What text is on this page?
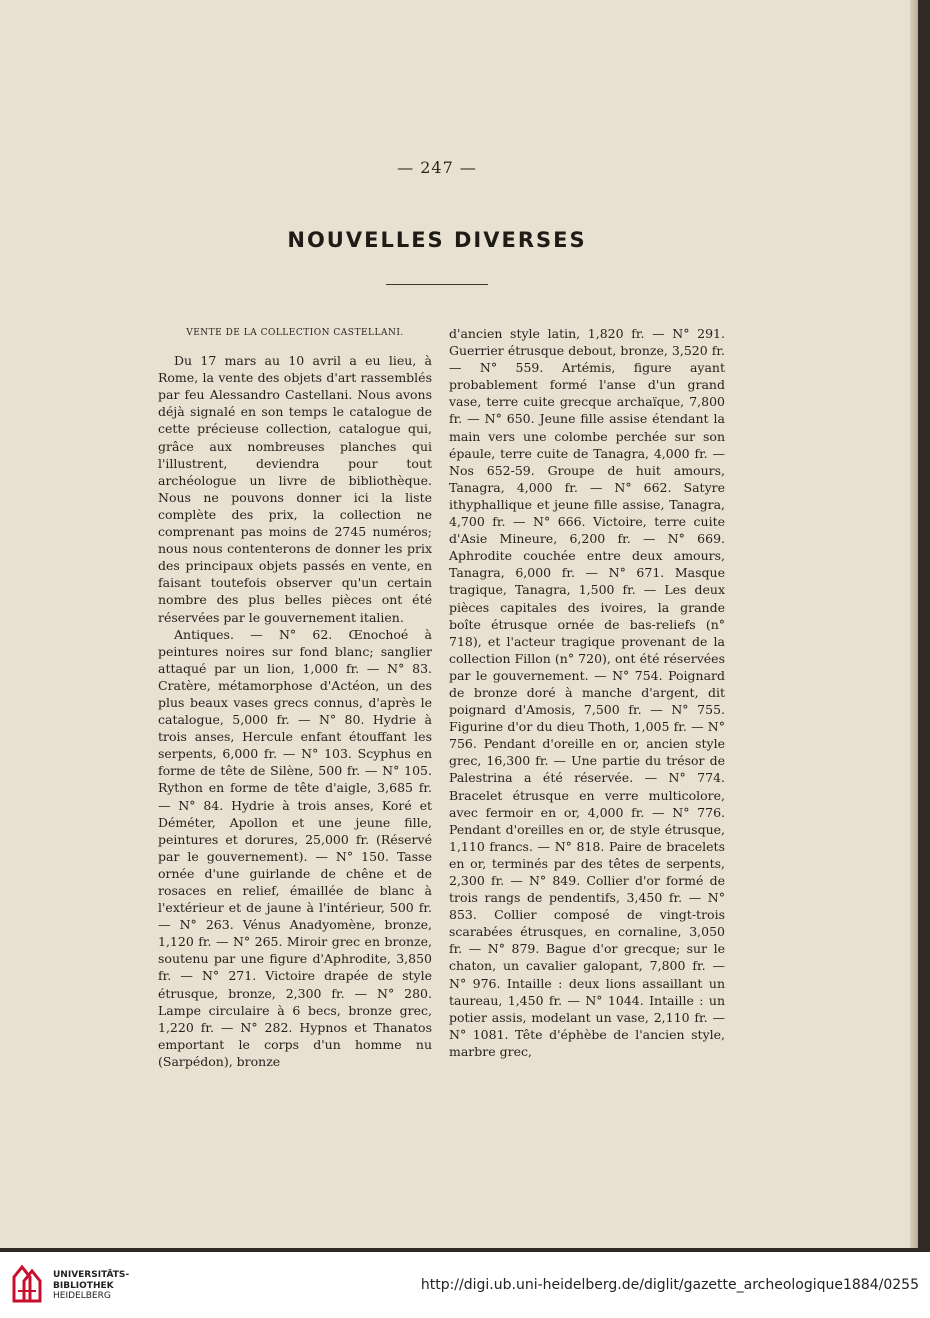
— 247 —
NOUVELLES DIVERSES
VENTE DE LA COLLECTION CASTELLANI.

Du 17 mars au 10 avril a eu lieu, à Rome, la vente des objets d'art rassemblés par feu Alessandro Castellani. Nous avons déjà signalé en son temps le catalogue de cette précieuse collection, catalogue qui, grâce aux nombreuses planches qui l'illustrent, deviendra pour tout archéologue un livre de bibliothèque. Nous ne pouvons donner ici la liste complète des prix, la collection ne comprenant pas moins de 2745 numéros; nous nous contenterons de donner les prix des principaux objets passés en vente, en faisant toutefois observer qu'un certain nombre des plus belles pièces ont été réservées par le gouvernement italien.

Antiques. — N° 62. Œnochoé à peintures noires sur fond blanc; sanglier attaqué par un lion, 1,000 fr. — N° 83. Cratère, métamorphose d'Actéon, un des plus beaux vases grecs connus, d'après le catalogue, 5,000 fr. — N° 80. Hydrie à trois anses, Hercule enfant étouffant les serpents, 6,000 fr. — N° 103. Scyphus en forme de tête de Silène, 500 fr. — N° 105. Rython en forme de tête d'aigle, 3,685 fr. — N° 84. Hydrie à trois anses, Koré et Déméter, Apollon et une jeune fille, peintures et dorures, 25,000 fr. (Réservé par le gouvernement). — N° 150. Tasse ornée d'une guirlande de chêne et de rosaces en relief, émaillée de blanc à l'extérieur et de jaune à l'intérieur, 500 fr. — N° 263. Vénus Anadyomène, bronze, 1,120 fr. — N° 265. Miroir grec en bronze, soutenu par une figure d'Aphrodite, 3,850 fr. — N° 271. Victoire drapée de style étrusque, bronze, 2,300 fr. — N° 280. Lampe circulaire à 6 becs, bronze grec, 1,220 fr. — N° 282. Hypnos et Thanatos emportant le corps d'un homme nu (Sarpédon), bronze

d'ancien style latin, 1,820 fr. — N° 291. Guerrier étrusque debout, bronze, 3,520 fr. — N° 559. Artémis, figure ayant probablement formé l'anse d'un grand vase, terre cuite grecque archaïque, 7,800 fr. — N° 650. Jeune fille assise étendant la main vers une colombe perchée sur son épaule, terre cuite de Tanagra, 4,000 fr. — Nos 652-59. Groupe de huit amours, Tanagra, 4,000 fr. — N° 662. Satyre ithyphallique et jeune fille assise, Tanagra, 4,700 fr. — N° 666. Victoire, terre cuite d'Asie Mineure, 6,200 fr. — N° 669. Aphrodite couchée entre deux amours, Tanagra, 6,000 fr. — N° 671. Masque tragique, Tanagra, 1,500 fr. — Les deux pièces capitales des ivoires, la grande boîte étrusque ornée de bas-reliefs (n° 718), et l'acteur tragique provenant de la collection Fillon (n° 720), ont été réservées par le gouvernement. — N° 754. Poignard de bronze doré à manche d'argent, dit poignard d'Amosis, 7,500 fr. — N° 755. Figurine d'or du dieu Thoth, 1,005 fr. — N° 756. Pendant d'oreille en or, ancien style grec, 16,300 fr. — Une partie du trésor de Palestrina a été réservée. — N° 774. Bracelet étrusque en verre multicolore, avec fermoir en or, 4,000 fr. — N° 776. Pendant d'oreilles en or, de style étrusque, 1,110 francs. — N° 818. Paire de bracelets en or, terminés par des têtes de serpents, 2,300 fr. — N° 849. Collier d'or formé de trois rangs de pendentifs, 3,450 fr. — N° 853. Collier composé de vingt-trois scarabées étrusques, en cornaline, 3,050 fr. — N° 879. Bague d'or grecque; sur le chaton, un cavalier galopant, 7,800 fr. — N° 976. Intaille : deux lions assaillant un taureau, 1,450 fr. — N° 1044. Intaille : un potier assis, modelant un vase, 2,110 fr. — N° 1081. Tête d'éphèbe de l'ancien style, marbre grec,

UNIVERSITÄTS-
BIBLIOTHEK
HEIDELBERG
http://digi.ub.uni-heidelberg.de/diglit/gazette_archeologique1884/0255
